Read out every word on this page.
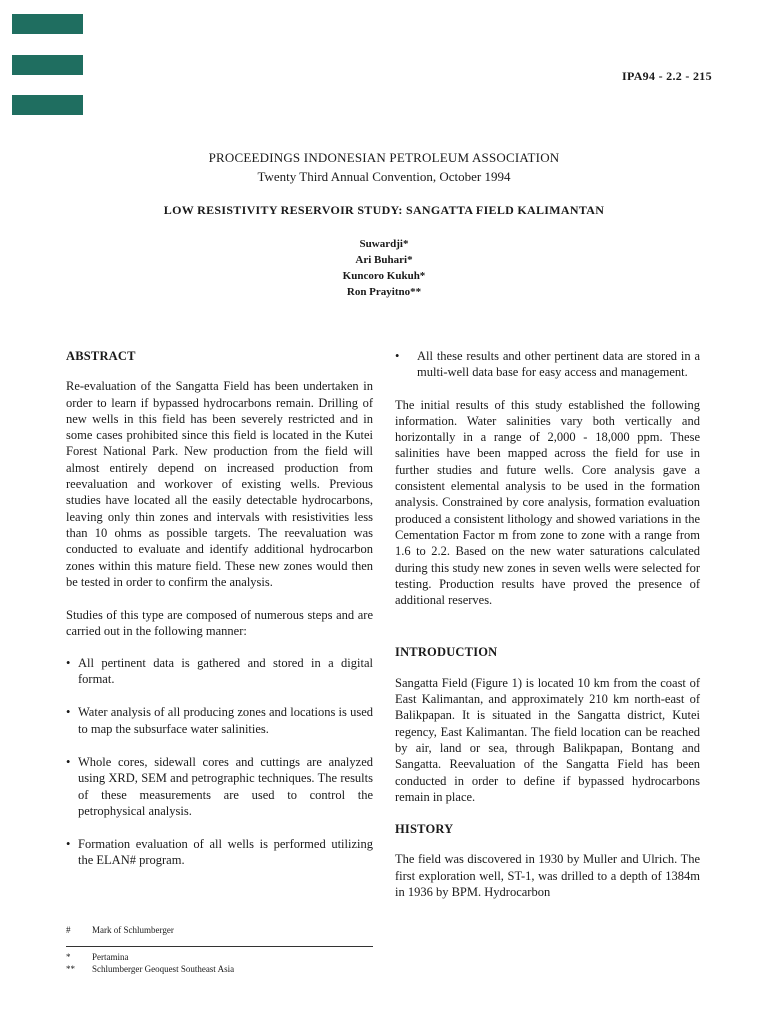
IPA94 - 2.2 - 215
PROCEEDINGS INDONESIAN PETROLEUM ASSOCIATION
Twenty Third Annual Convention, October 1994
LOW RESISTIVITY RESERVOIR STUDY: SANGATTA FIELD KALIMANTAN
Suwardji*
Ari Buhari*
Kuncoro Kukuh*
Ron Prayitno**
ABSTRACT

Re-evaluation of the Sangatta Field has been undertaken in order to learn if bypassed hydrocarbons remain. Drilling of new wells in this field has been severely restricted and in some cases prohibited since this field is located in the Kutei Forest National Park. New production from the field will almost entirely depend on increased production from reevaluation and workover of existing wells. Previous studies have located all the easily detectable hydrocarbons, leaving only thin zones and intervals with resistivities less than 10 ohms as possible targets. The reevaluation was conducted to evaluate and identify additional hydrocarbon zones within this mature field. These new zones would then be tested in order to confirm the analysis.

Studies of this type are composed of numerous steps and are carried out in the following manner:

• All pertinent data is gathered and stored in a digital format.
• Water analysis of all producing zones and locations is used to map the subsurface water salinities.
• Whole cores, sidewall cores and cuttings are analyzed using XRD, SEM and petrographic techniques. The results of these measurements are used to control the petrophysical analysis.
• Formation evaluation of all wells is performed utilizing the ELAN# program.
# Mark of Schlumberger
* Pertamina
** Schlumberger Geoquest Southeast Asia
•	All these results and other pertinent data are stored in a multi-well data base for easy access and management.

The initial results of this study established the following information. Water salinities vary both vertically and horizontally in a range of 2,000 - 18,000 ppm. These salinities have been mapped across the field for use in further studies and future wells. Core analysis gave a consistent elemental analysis to be used in the formation analysis. Constrained by core analysis, formation evaluation produced a consistent lithology and showed variations in the Cementation Factor m from zone to zone with a range from 1.6 to 2.2. Based on the new water saturations calculated during this study new zones in seven wells were selected for testing. Production results have proved the presence of additional reserves.

INTRODUCTION

Sangatta Field (Figure 1) is located 10 km from the coast of East Kalimantan, and approximately 210 km north-east of Balikpapan. It is situated in the Sangatta district, Kutei regency, East Kalimantan. The field location can be reached by air, land or sea, through Balikpapan, Bontang and Sangatta. Reevaluation of the Sangatta Field has been conducted in order to define if bypassed hydrocarbons remain in place.

HISTORY

The field was discovered in 1930 by Muller and Ulrich. The first exploration well, ST-1, was drilled to a depth of 1384m in 1936 by BPM. Hydrocarbon
